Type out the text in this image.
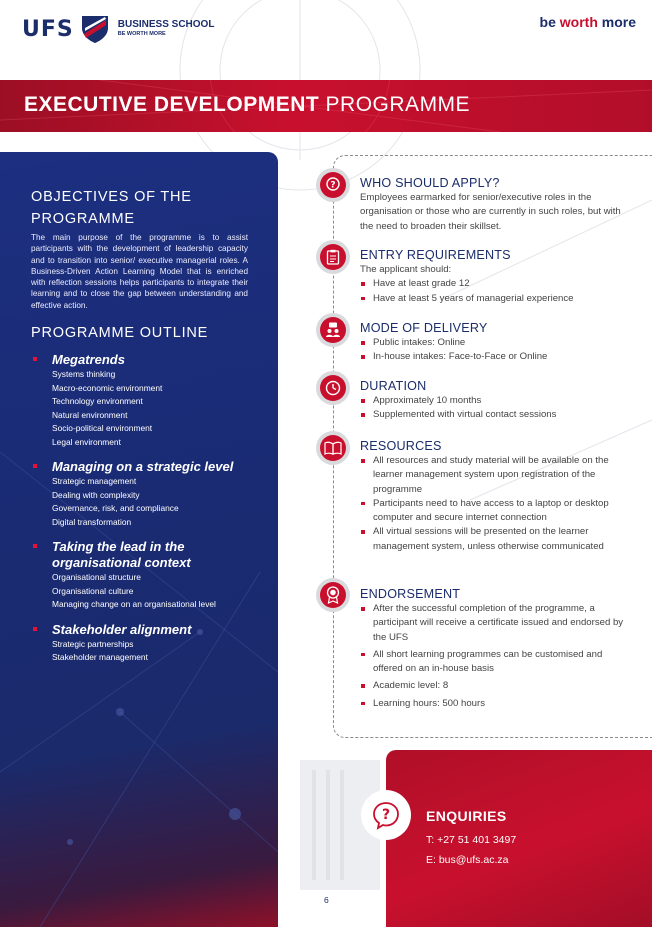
UFS	BUSINESS SCHOOL
BE WORTH MORE
be worth more
EXECUTIVE DEVELOPMENT PROGRAMME
OBJECTIVES OF THE
PROGRAMME

The main purpose of the programme is to assist participants with the development of leadership capacity and to transition into senior/ executive managerial roles. A Business-Driven Action Learning Model that is enriched with reflection sessions helps participants to integrate their learning and to close the gap between understanding and effective action.

PROGRAMME OUTLINE
Megatrends
Systems thinking
Macro-economic environment
Technology environment
Natural environment
Socio-political environment
Legal environment
Managing on a strategic level
Strategic management
Dealing with complexity
Governance, risk, and compliance
Digital transformation
Taking the lead in the organisational context
Organisational structure
Organisational culture
Managing change on an organisational level
Stakeholder alignment
Strategic partnerships
Stakeholder management
? WHO SHOULD APPLY?
Employees earmarked for senior/executive roles in the organisation or those who are currently in such roles, but with the need to broaden their skillset.
ENTRY REQUIREMENTS
The applicant should:
Have at least grade 12
Have at least 5 years of managerial experience
MODE OF DELIVERY
Public intakes: Online
In-house intakes: Face-to-Face or Online
DURATION
Approximately 10 months
Supplemented with virtual contact sessions
RESOURCES
All resources and study material will be available on the learner management system upon registration of the programme
Participants need to have access to a laptop or desktop computer and secure internet connection
All virtual sessions will be presented on the learner management system, unless otherwise communicated
ENDORSEMENT
After the successful completion of the programme, a participant will receive a certificate issued and endorsed by the UFS
All short learning programmes can be customised and offered on an in-house basis
Academic level: 8
Learning hours: 500 hours
?	ENQUIRIES
T: +27 51 401 3497
E: bus@ufs.ac.za
6
